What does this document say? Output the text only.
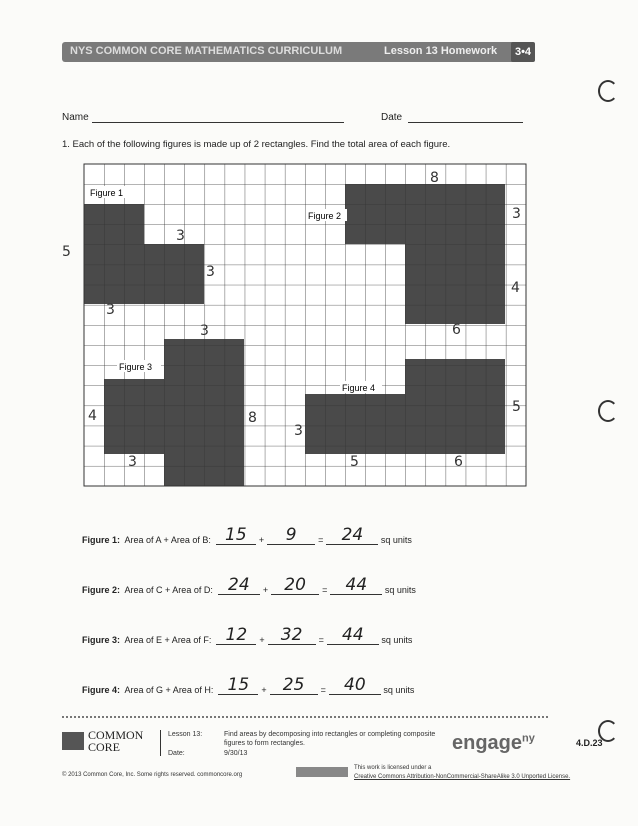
NYS COMMON CORE MATHEMATICS CURRICULUM	Lesson 13 Homework	3•4
Name	Date
1. Each of the following figures is made up of 2 rectangles. Find the total area of each figure.
Figure 1
Figure 2
Figure 3
Figure 4
5
3
3
3
8
3
4
6
4	8
3
3
5
3
5	6
Figure 1: Area of A + Area of B: 15	+	9	=	24	sq units
Figure 2: Area of C + Area of D: 24	+ 20	=	44	sq units
Figure 3: Area of E + Area of F: 12	+ 32	=	44	sq units
Figure 4: Area of G + Area of H: 15	+ 25	=	40	sq units
COMMON
CORE
Lesson 13:
Date:
Find areas by decomposing into rectangles or completing composite
figures to form rectangles.
9/30/13	engage$^{ny}$	4.D.23
© 2013 Common Core, Inc. Some rights reserved. commoncore.org
This work is licensed under a
Creative Commons Attribution-NonCommercial-ShareAlike 3.0 Unported License.
